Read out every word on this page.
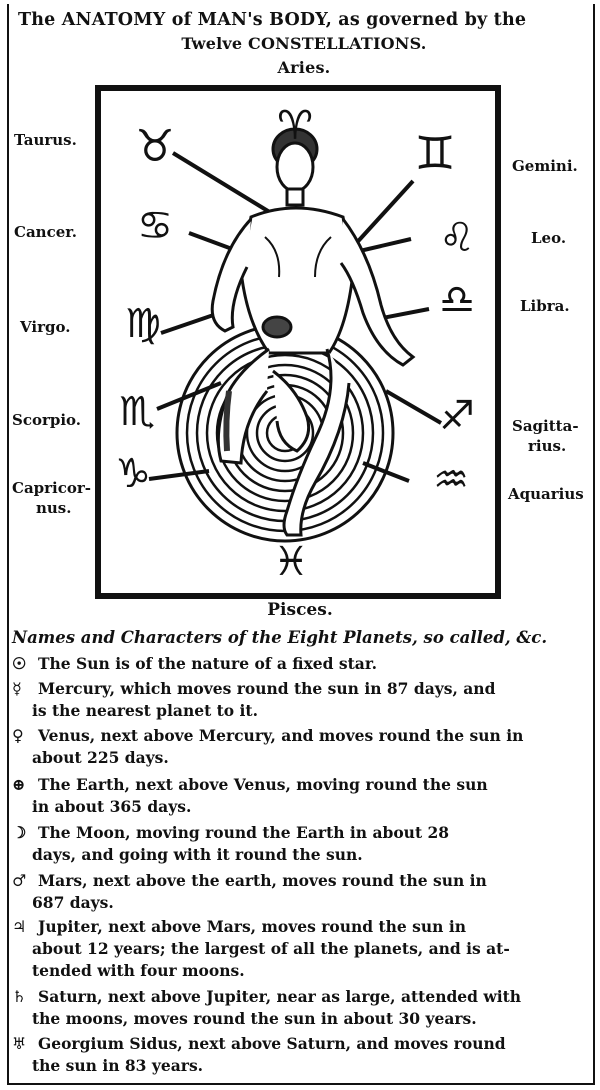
The ANATOMY of MAN's BODY, as governed by the
Twelve CONSTELLATIONS.
Aries.
Taurus.
Cancer.
Virgo.
Scorpio.
Capricor-
nus.
Gemini.
Leo.
Libra.
Sagitta-
rius.
Aquarius
♈
♉	♊
♋	♌
♍
♎
♏	♐
♑	♒
♓
Pisces.
Names and Characters of the Eight Planets, so called, &c.
☉ The Sun is of the nature of a fixed star.
☿ Mercury, which moves round the sun in 87 days, and
is the nearest planet to it.
♀ Venus, next above Mercury, and moves round the sun in
about 225 days.
⊕ The Earth, next above Venus, moving round the sun
in about 365 days.
☽ The Moon, moving round the Earth in about 28
days, and going with it round the sun.
♂ Mars, next above the earth, moves round the sun in
687 days.
♃ Jupiter, next above Mars, moves round the sun in
about 12 years; the largest of all the planets, and is at-
tended with four moons.
♄ Saturn, next above Jupiter, near as large, attended with
the moons, moves round the sun in about 30 years.
♅ Georgium Sidus, next above Saturn, and moves round
the sun in 83 years.
